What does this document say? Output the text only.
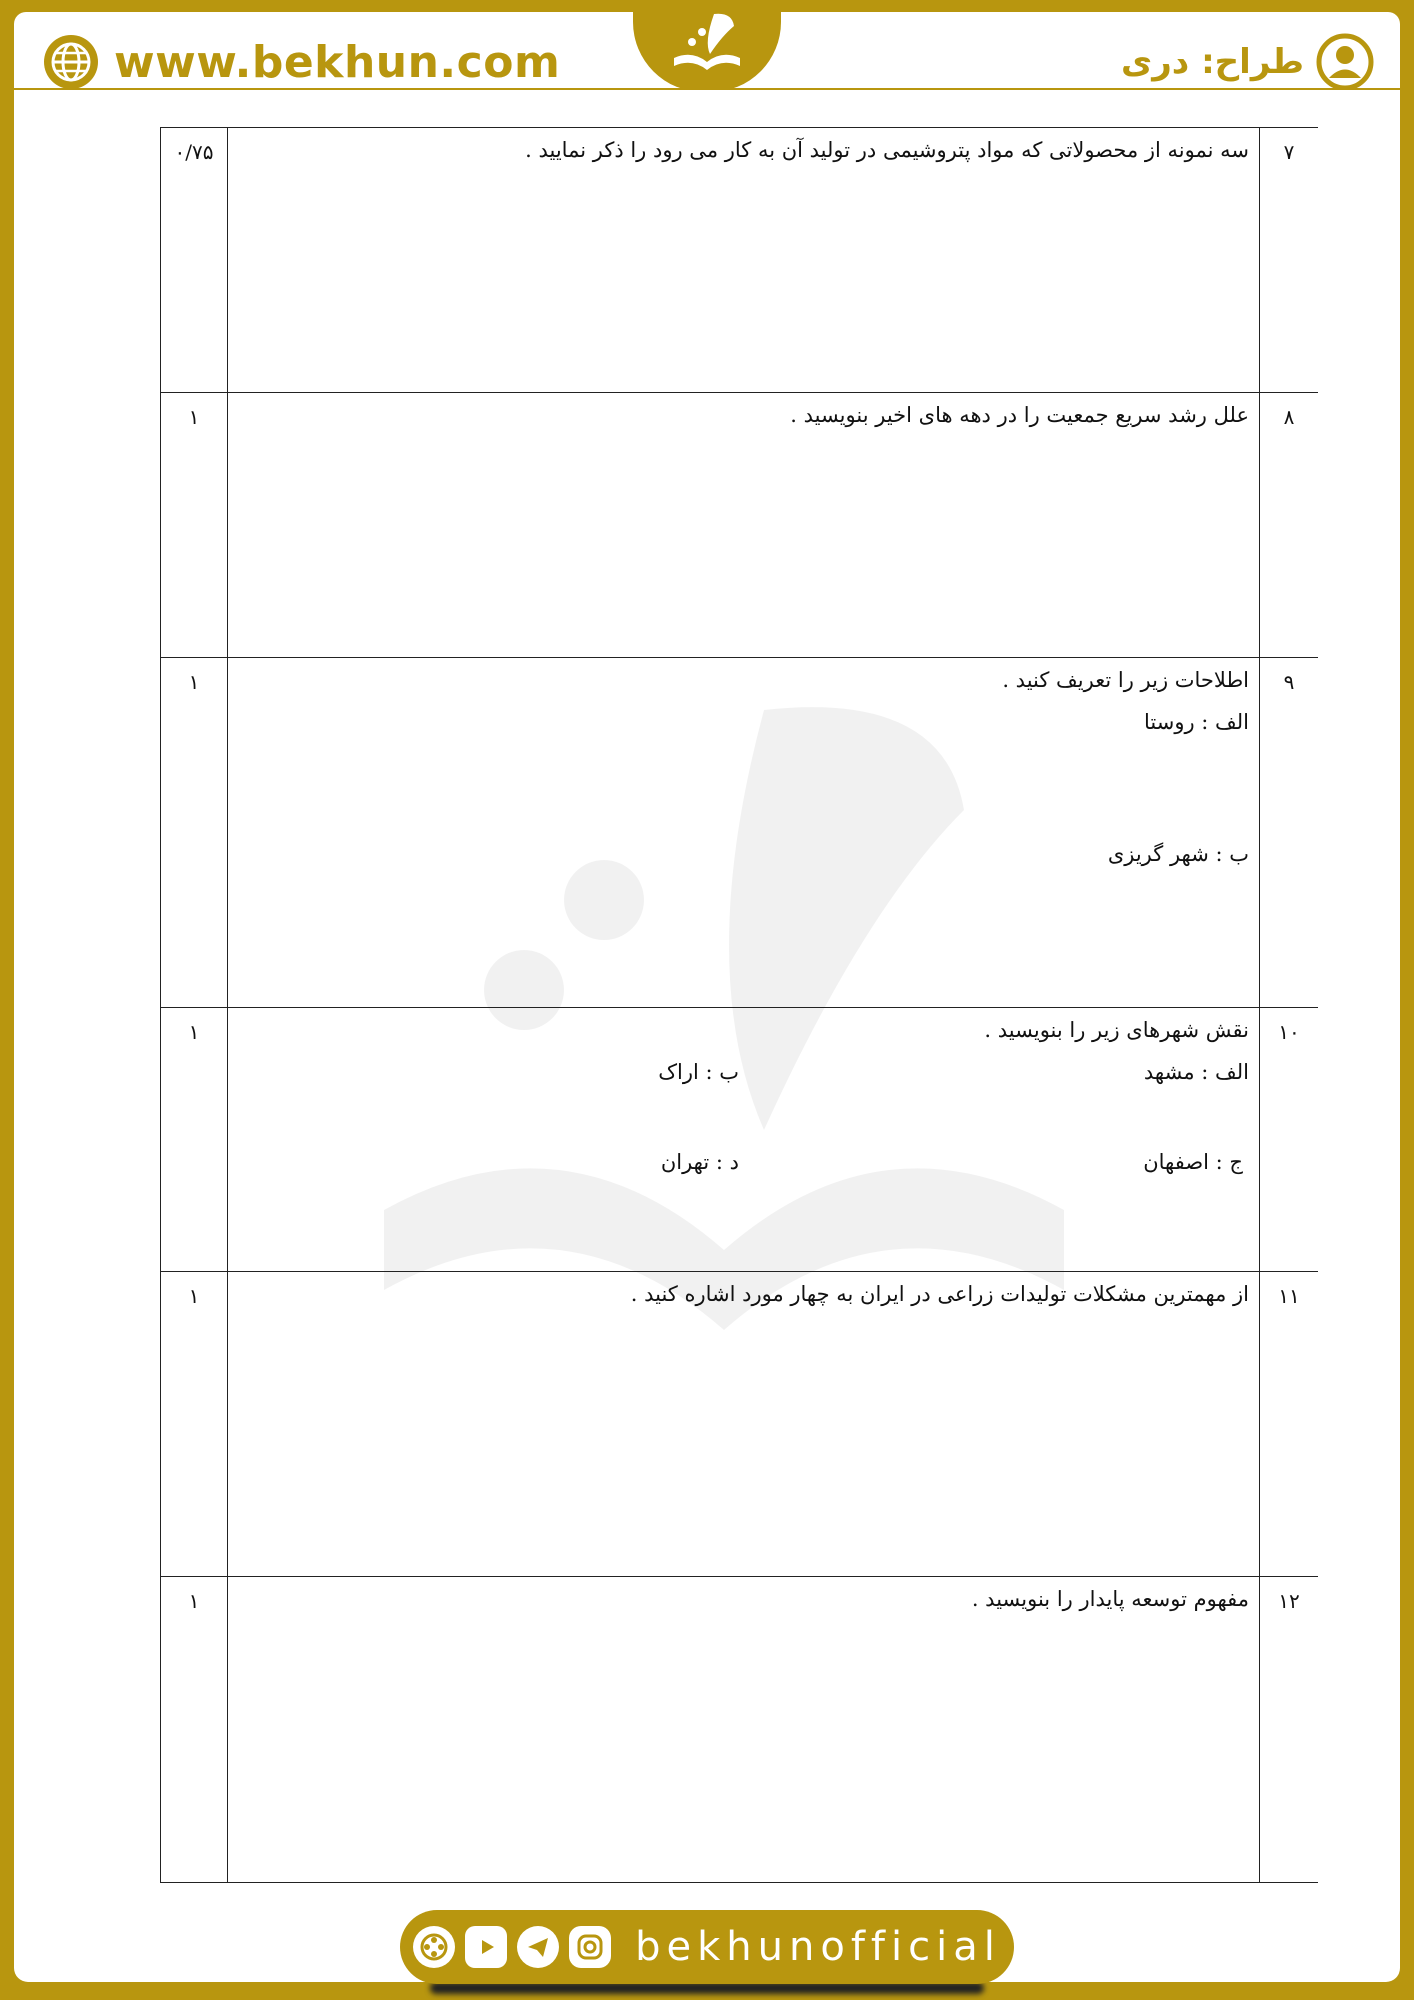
www.bekhun.com	طراح: دری
۷	سه نمونه از محصولاتی که مواد پتروشیمی در تولید آن به کار می رود را ذکر نمایید .	۰/۷۵

۸	علل رشد سریع جمعیت را در دهه های اخیر بنویسید .	۱

۹	اطلاحات زیر را تعریف کنید .
الف : روستا
ب : شهر گریزی	۱

۱۰	نقش شهرهای زیر را بنویسید .
الف : مشهد
ب : اراک
ج : اصفهان
د : تهران	۱

۱۱	از مهمترین مشکلات تولیدات زراعی در ایران به چهار مورد اشاره کنید .	۱

۱۲	مفهوم توسعه پایدار را بنویسید .	۱
bekhunofficial
